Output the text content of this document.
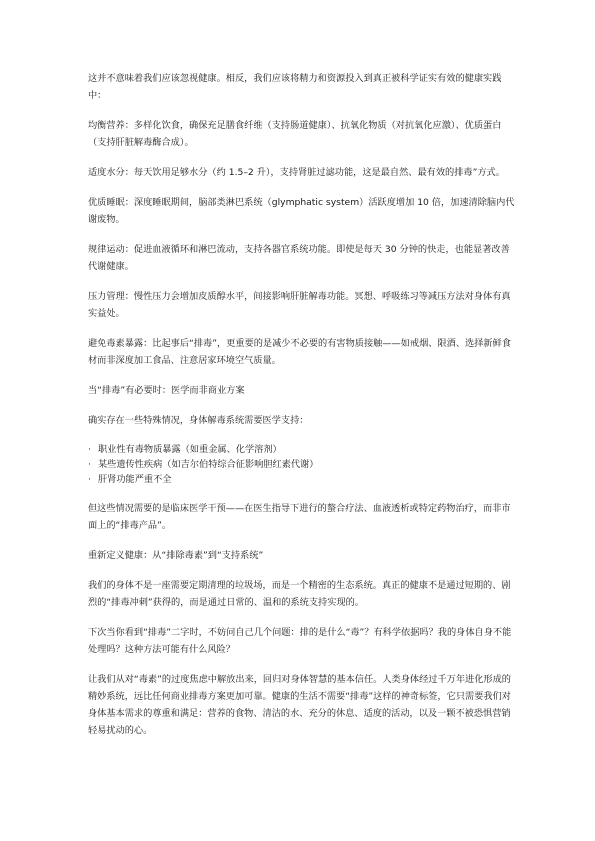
这并不意味着我们应该忽视健康。相反，我们应该将精力和资源投入到真正被科学证实有效的健康实践中：

均衡营养：多样化饮食，确保充足膳食纤维（支持肠道健康）、抗氧化物质（对抗氧化应激）、优质蛋白（支持肝脏解毒酶合成）。

适度水分：每天饮用足够水分（约 1.5–2 升），支持肾脏过滤功能，这是最自然、最有效的排毒”方式。

优质睡眠：深度睡眠期间，脑部类淋巴系统（glymphatic system）活跃度增加 10 倍，加速清除脑内代谢废物。

规律运动：促进血液循环和淋巴流动，支持各器官系统功能。即使是每天 30 分钟的快走，也能显著改善代谢健康。

压力管理：慢性压力会增加皮质醇水平，间接影响肝脏解毒功能。冥想、呼吸练习等减压方法对身体有真实益处。

避免毒素暴露：比起事后“排毒”，更重要的是减少不必要的有害物质接触——如戒烟、限酒、选择新鲜食材而非深度加工食品、注意居家环境空气质量。

当“排毒”有必要时：医学而非商业方案

确实存在一些特殊情况，身体解毒系统需要医学支持：

· 职业性有毒物质暴露（如重金属、化学溶剂）
· 某些遗传性疾病（如吉尔伯特综合征影响胆红素代谢）
· 肝肾功能严重不全

但这些情况需要的是临床医学干预——在医生指导下进行的螯合疗法、血液透析或特定药物治疗，而非市面上的“排毒产品”。

重新定义健康：从“排除毒素”到“支持系统”

我们的身体不是一座需要定期清理的垃圾场，而是一个精密的生态系统。真正的健康不是通过短期的、剧烈的“排毒冲刺”获得的，而是通过日常的、温和的系统支持实现的。

下次当你看到“排毒”二字时，不妨问自己几个问题：排的是什么“毒”？有科学依据吗？我的身体自身不能处理吗？这种方法可能有什么风险？

让我们从对“毒素”的过度焦虑中解放出来，回归对身体智慧的基本信任。人类身体经过千万年进化形成的精妙系统，远比任何商业排毒方案更加可靠。健康的生活不需要“排毒”这样的神奇标签，它只需要我们对身体基本需求的尊重和满足：营养的食物、清洁的水、充分的休息、适度的活动，以及一颗不被恐惧营销轻易扰动的心。
